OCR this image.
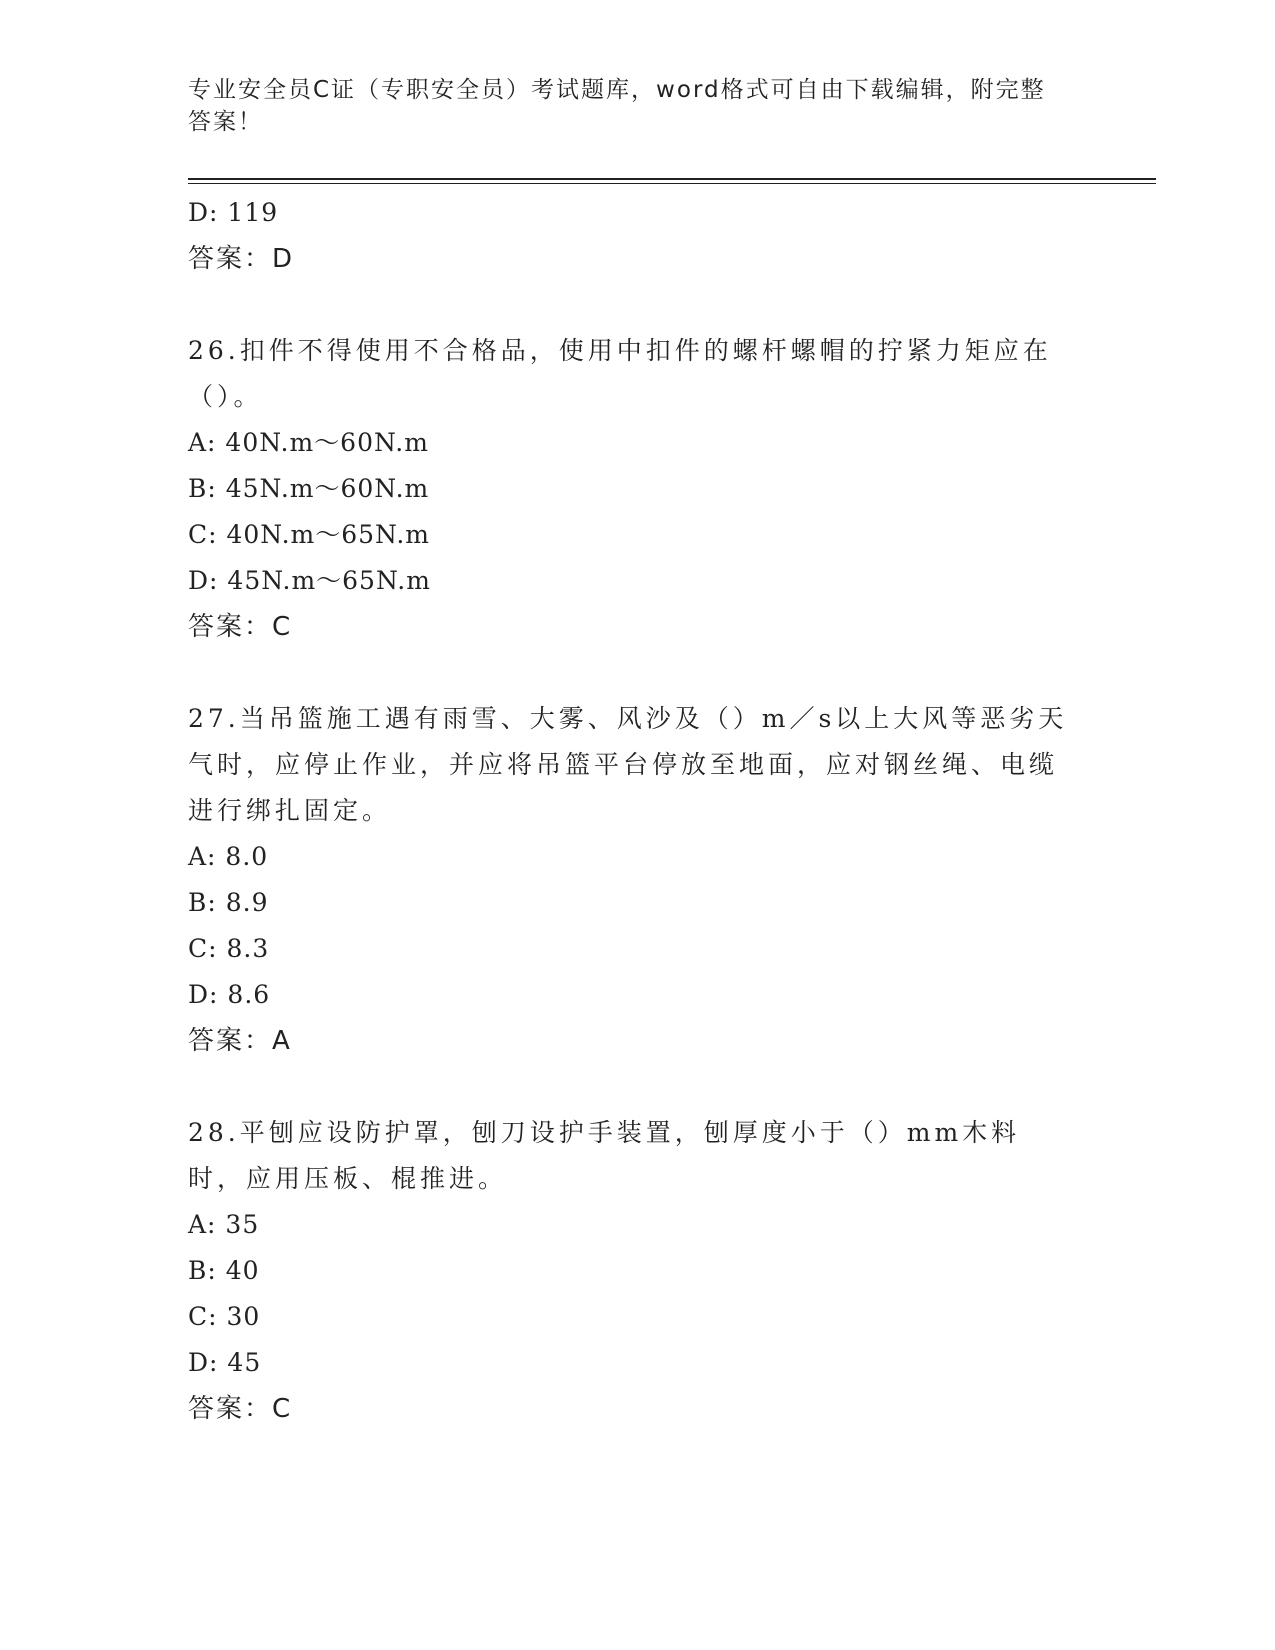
专业安全员C证（专职安全员）考试题库，word格式可自由下载编辑，附完整答案！
D: 119
答案：D
26.扣件不得使用不合格品，使用中扣件的螺杆螺帽的拧紧力矩应在（）。
A: 40N.m～60N.m
B: 45N.m～60N.m
C: 40N.m～65N.m
D: 45N.m～65N.m
答案：C
27.当吊篮施工遇有雨雪、大雾、风沙及（）m／s以上大风等恶劣天气时，应停止作业，并应将吊篮平台停放至地面，应对钢丝绳、电缆进行绑扎固定。
A: 8.0
B: 8.9
C: 8.3
D: 8.6
答案：A
28.平刨应设防护罩，刨刀设护手装置，刨厚度小于（）mm木料时，应用压板、棍推进。
A: 35
B: 40
C: 30
D: 45
答案：C
